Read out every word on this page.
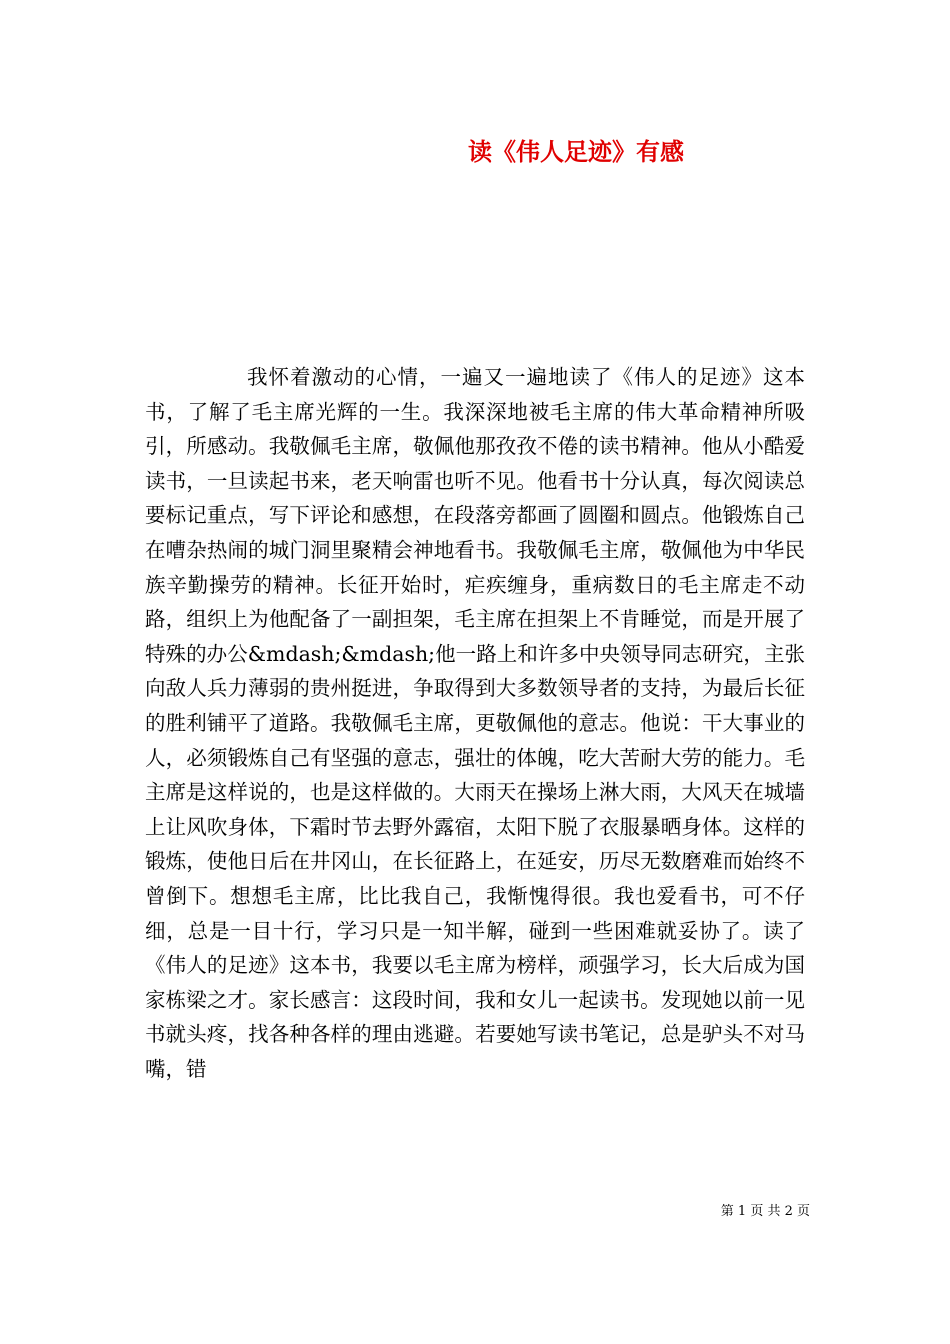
读《伟人足迹》有感
我怀着激动的心情，一遍又一遍地读了《伟人的足迹》这本书，了解了毛主席光辉的一生。我深深地被毛主席的伟大革命精神所吸引，所感动。我敬佩毛主席，敬佩他那孜孜不倦的读书精神。他从小酷爱读书，一旦读起书来，老天响雷也听不见。他看书十分认真，每次阅读总要标记重点，写下评论和感想，在段落旁都画了圆圈和圆点。他锻炼自己在嘈杂热闹的城门洞里聚精会神地看书。我敬佩毛主席，敬佩他为中华民族辛勤操劳的精神。长征开始时，疟疾缠身，重病数日的毛主席走不动路，组织上为他配备了一副担架，毛主席在担架上不肯睡觉，而是开展了特殊的办公&mdash;&mdash;他一路上和许多中央领导同志研究，主张向敌人兵力薄弱的贵州挺进，争取得到大多数领导者的支持，为最后长征的胜利铺平了道路。我敬佩毛主席，更敬佩他的意志。他说：干大事业的人，必须锻炼自己有坚强的意志，强壮的体魄，吃大苦耐大劳的能力。毛主席是这样说的，也是这样做的。大雨天在操场上淋大雨，大风天在城墙上让风吹身体，下霜时节去野外露宿，太阳下脱了衣服暴晒身体。这样的锻炼，使他日后在井冈山，在长征路上，在延安，历尽无数磨难而始终不曾倒下。想想毛主席，比比我自己，我惭愧得很。我也爱看书，可不仔细，总是一目十行，学习只是一知半解，碰到一些困难就妥协了。读了《伟人的足迹》这本书，我要以毛主席为榜样，顽强学习，长大后成为国家栋梁之才。家长感言：这段时间，我和女儿一起读书。发现她以前一见书就头疼，找各种各样的理由逃避。若要她写读书笔记，总是驴头不对马嘴，错
第 1 页 共 2 页
